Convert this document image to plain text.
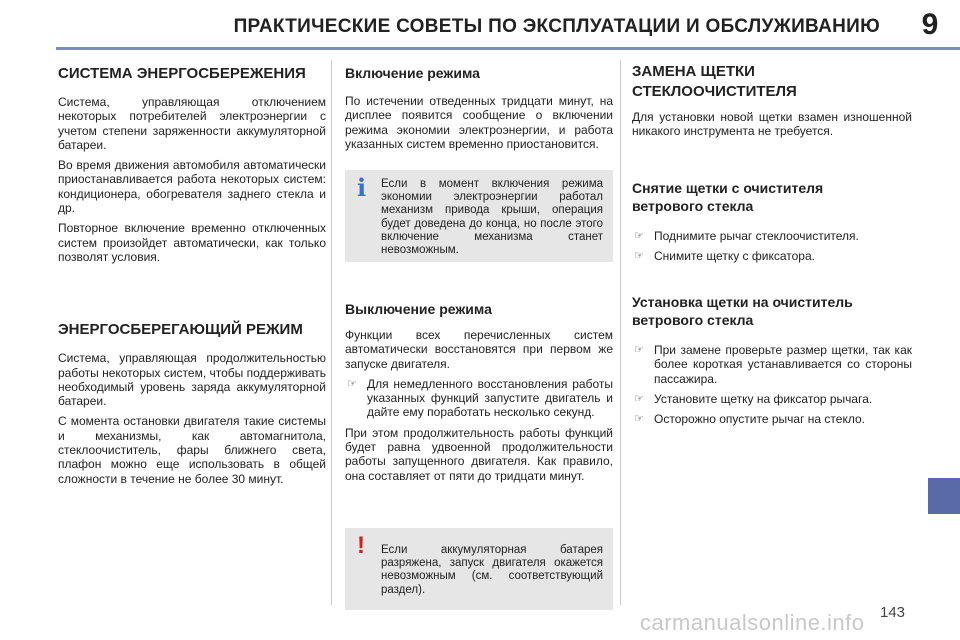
ПРАКТИЧЕСКИЕ СОВЕТЫ ПО ЭКСПЛУАТАЦИИ И ОБСЛУЖИВАНИЮ	9
СИСТЕМА ЭНЕРГОСБЕРЕЖЕНИЯ

Система, управляющая отключением некоторых потребителей электроэнергии с учетом степени заряженности аккумуляторной батареи.

Во время движения автомобиля автоматически приостанавливается работа некоторых систем: кондиционера, обогревателя заднего стекла и др.

Повторное включение временно отключенных систем произойдет автоматически, как только позволят условия.

ЭНЕРГОСБЕРЕГАЮЩИЙ РЕЖИМ

Система, управляющая продолжительностью работы некоторых систем, чтобы поддерживать необходимый уровень заряда аккумуляторной батареи.

С момента остановки двигателя такие системы и механизмы, как автомагнитола, стеклоочиститель, фары ближнего света, плафон можно еще использовать в общей сложности в течение не более 30 минут.

Включение режима

По истечении отведенных тридцати минут, на дисплее появится сообщение о включении режима экономии электроэнергии, и работа указанных систем временно приостановится.

i Если в момент включения режима экономии электроэнергии работал механизм привода крыши, операция будет доведена до конца, но после этого включение механизма станет невозможным.
Выключение режима

Функции всех перечисленных систем автоматически восстановятся при первом же запуске двигателя.

☞ Для немедленного восстановления работы указанных функций запустите двигатель и дайте ему поработать несколько секунд.

При этом продолжительность работы функций будет равна удвоенной продолжительности работы запущенного двигателя. Как правило, она составляет от пяти до тридцати минут.

! Если аккумуляторная батарея разряжена, запуск двигателя окажется невозможным (см. соответствующий раздел).
ЗАМЕНА ЩЕТКИ СТЕКЛООЧИСТИТЕЛЯ

Для установки новой щетки взамен изношенной никакого инструмента не требуется.

Снятие щетки с очистителя ветрового стекла
☞ Поднимите рычаг стеклоочистителя.
☞ Снимите щетку с фиксатора.
Установка щетки на очиститель ветрового стекла
☞ При замене проверьте размер щетки, так как более короткая устанавливается со стороны пассажира.
☞ Установите щетку на фиксатор рычага.
☞ Осторожно опустите рычаг на стекло.
carmanualsonline.info 143
